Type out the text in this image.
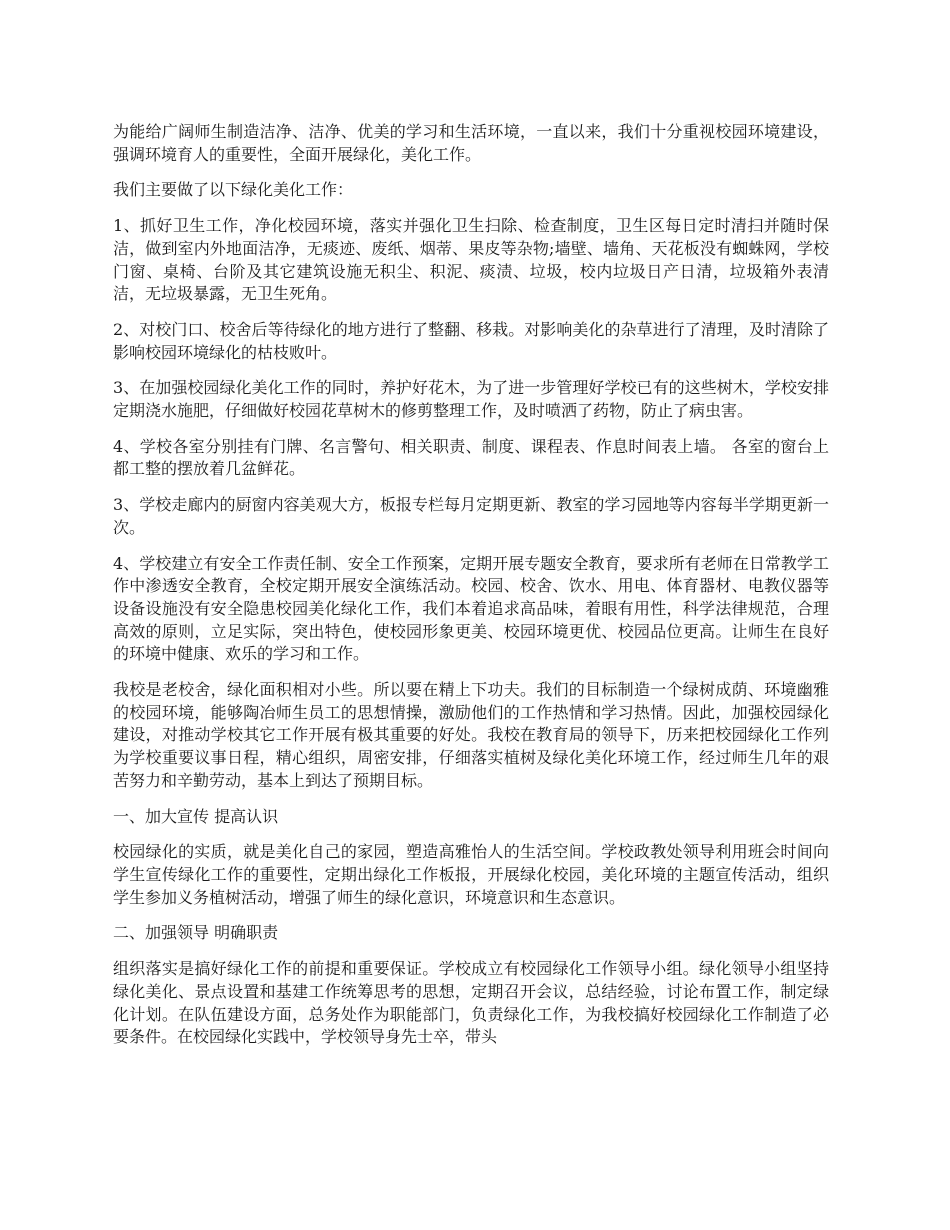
为能给广阔师生制造洁净、洁净、优美的学习和生活环境，一直以来，我们十分重视校园环境建设，强调环境育人的重要性，全面开展绿化，美化工作。

我们主要做了以下绿化美化工作：

1、抓好卫生工作，净化校园环境，落实并强化卫生扫除、检查制度，卫生区每日定时清扫并随时保洁，做到室内外地面洁净，无痰迹、废纸、烟蒂、果皮等杂物;墙壁、墙角、天花板没有蜘蛛网，学校门窗、桌椅、台阶及其它建筑设施无积尘、积泥、痰渍、垃圾，校内垃圾日产日清，垃圾箱外表清洁，无垃圾暴露，无卫生死角。

2、对校门口、校舍后等待绿化的地方进行了整翻、移栽。对影响美化的杂草进行了清理，及时清除了影响校园环境绿化的枯枝败叶。

3、在加强校园绿化美化工作的同时，养护好花木，为了进一步管理好学校已有的这些树木，学校安排定期浇水施肥，仔细做好校园花草树木的修剪整理工作，及时喷洒了药物，防止了病虫害。

4、学校各室分别挂有门牌、名言警句、相关职责、制度、课程表、作息时间表上墙。 各室的窗台上都工整的摆放着几盆鲜花。

3、学校走廊内的厨窗内容美观大方，板报专栏每月定期更新、教室的学习园地等内容每半学期更新一次。

4、学校建立有安全工作责任制、安全工作预案，定期开展专题安全教育，要求所有老师在日常教学工作中渗透安全教育，全校定期开展安全演练活动。校园、校舍、饮水、用电、体育器材、电教仪器等设备设施没有安全隐患校园美化绿化工作，我们本着追求高品味，着眼有用性，科学法律规范，合理高效的原则，立足实际，突出特色，使校园形象更美、校园环境更优、校园品位更高。让师生在良好的环境中健康、欢乐的学习和工作。

我校是老校舍，绿化面积相对小些。所以要在精上下功夫。我们的目标制造一个绿树成荫、环境幽雅的校园环境，能够陶冶师生员工的思想情操，激励他们的工作热情和学习热情。因此，加强校园绿化建设，对推动学校其它工作开展有极其重要的好处。我校在教育局的领导下，历来把校园绿化工作列为学校重要议事日程，精心组织，周密安排，仔细落实植树及绿化美化环境工作，经过师生几年的艰苦努力和辛勤劳动，基本上到达了预期目标。

一、加大宣传 提高认识

校园绿化的实质，就是美化自己的家园，塑造高雅怡人的生活空间。学校政教处领导利用班会时间向学生宣传绿化工作的重要性，定期出绿化工作板报，开展绿化校园，美化环境的主题宣传活动，组织学生参加义务植树活动，增强了师生的绿化意识，环境意识和生态意识。

二、加强领导 明确职责

组织落实是搞好绿化工作的前提和重要保证。学校成立有校园绿化工作领导小组。绿化领导小组坚持绿化美化、景点设置和基建工作统筹思考的思想，定期召开会议，总结经验，讨论布置工作，制定绿化计划。在队伍建设方面，总务处作为职能部门，负责绿化工作，为我校搞好校园绿化工作制造了必要条件。在校园绿化实践中，学校领导身先士卒，带头
